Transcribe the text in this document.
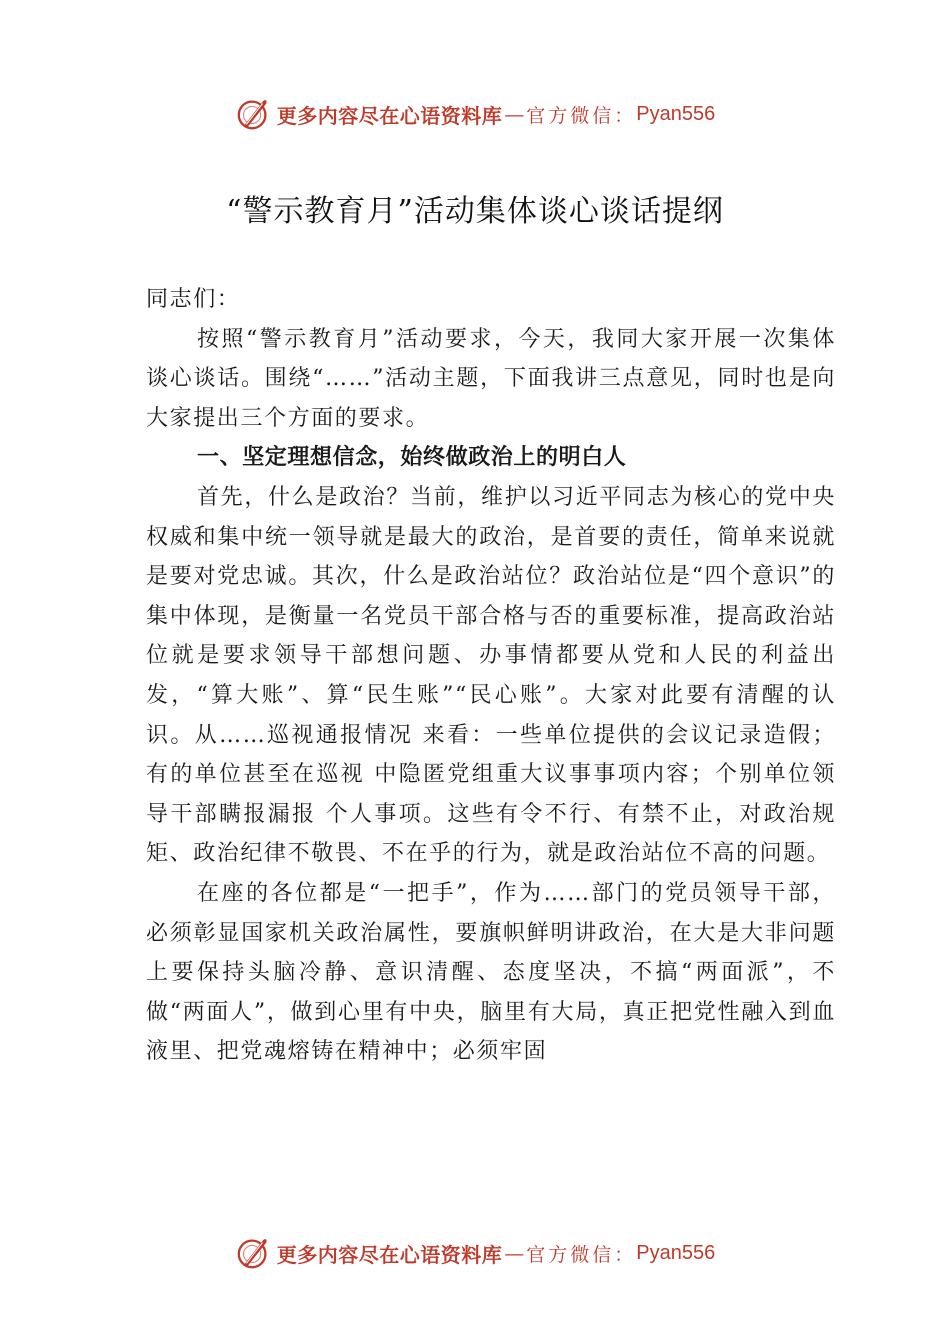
更多内容尽在心语资料库 — 官方微信： Pyan556
“警示教育月”活动集体谈心谈话提纲

同志们：

按照“警示教育月”活动要求，今天，我同大家开展一次集体谈心谈话。围绕“……”活动主题，下面我讲三点意见，同时也是向大家提出三个方面的要求。

一、坚定理想信念，始终做政治上的明白人

首先，什么是政治？当前，维护以习近平同志为核心的党中央权威和集中统一领导就是最大的政治，是首要的责任，简单来说就是要对党忠诚。其次，什么是政治站位？政治站位是“四个意识”的集中体现，是衡量一名党员干部合格与否的重要标准，提高政治站位就是要求领导干部想问题、办事情都要从党和人民的利益出发，“算大账”、算“民生账”“民心账”。大家对此要有清醒的认识。从……巡视通报情况 来看：一些单位提供的会议记录造假；有的单位甚至在巡视 中隐匿党组重大议事事项内容；个别单位领导干部瞒报漏报 个人事项。这些有令不行、有禁不止，对政治规矩、政治纪律不敬畏、不在乎的行为，就是政治站位不高的问题。

在座的各位都是“一把手”，作为……部门的党员领导干部，必须彰显国家机关政治属性，要旗帜鲜明讲政治，在大是大非问题上要保持头脑冷静、意识清醒、态度坚决，不搞“两面派”，不做“两面人”，做到心里有中央，脑里有大局，真正把党性融入到血液里、把党魂熔铸在精神中；必须牢固

更多内容尽在心语资料库 — 官方微信： Pyan556
